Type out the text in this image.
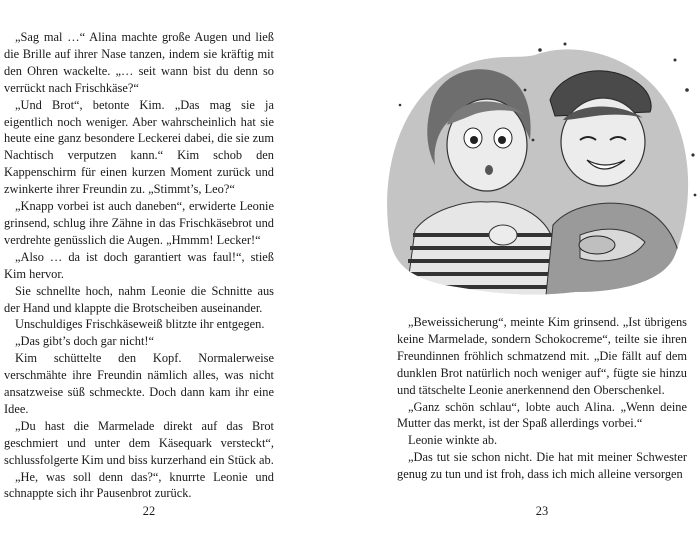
„Sag mal …“ Alina machte große Augen und ließ die Brille auf ihrer Nase tanzen, indem sie kräftig mit den Ohren wackelte. „… seit wann bist du denn so verrückt nach Frischkäse?“

„Und Brot“, betonte Kim. „Das mag sie ja eigentlich noch weniger. Aber wahrscheinlich hat sie heute eine ganz besondere Leckerei dabei, die sie zum Nachtisch verputzen kann.“ Kim schob den Kappenschirm für einen kurzen Moment zurück und zwinkerte ihrer Freundin zu. „Stimmt’s, Leo?“

„Knapp vorbei ist auch daneben“, erwiderte Leonie grinsend, schlug ihre Zähne in das Frischkäsebrot und verdrehte genüsslich die Augen. „Hmmm! Lecker!“

„Also … da ist doch garantiert was faul!“, stieß Kim hervor.

Sie schnellte hoch, nahm Leonie die Schnitte aus der Hand und klappte die Brotscheiben auseinander.

Unschuldiges Frischkäseweiß blitzte ihr entgegen.

„Das gibt’s doch gar nicht!“

Kim schüttelte den Kopf. Normalerweise verschmähte ihre Freundin nämlich alles, was nicht ansatzweise süß schmeckte. Doch dann kam ihr eine Idee.

„Du hast die Marmelade direkt auf das Brot geschmiert und unter dem Käsequark versteckt“, schlussfolgerte Kim und biss kurzerhand ein Stück ab.

„He, was soll denn das?“, knurrte Leonie und schnappte sich ihr Pausenbrot zurück.

22

„Beweissicherung“, meinte Kim grinsend. „Ist übrigens keine Marmelade, sondern Schokocreme“, teilte sie ihren Freundinnen fröhlich schmatzend mit. „Die fällt auf dem dunklen Brot natürlich noch weniger auf“, fügte sie hinzu und tätschelte Leonie anerkennend den Oberschenkel.

„Ganz schön schlau“, lobte auch Alina. „Wenn deine Mutter das merkt, ist der Spaß allerdings vorbei.“

Leonie winkte ab.

„Das tut sie schon nicht. Die hat mit meiner Schwester genug zu tun und ist froh, dass ich mich alleine versorgen

23
